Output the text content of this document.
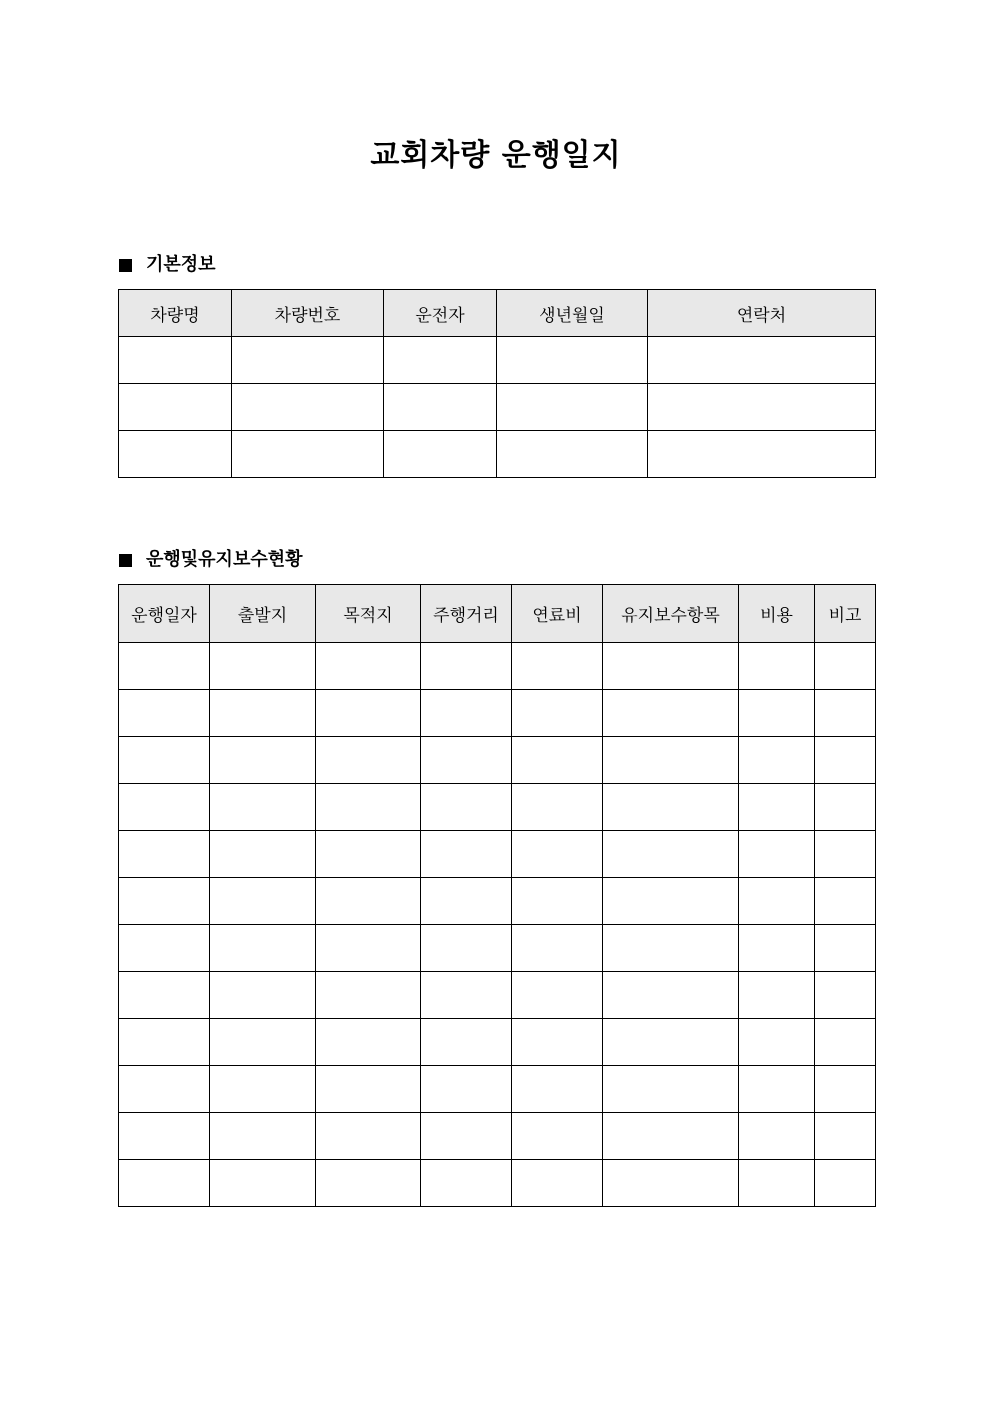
교회차량 운행일지
기본정보
차량명	차량번호	운전자	생년월일	연락처

운행및유지보수현황
운행일자	출발지	목적지	주행거리	연료비	유지보수항목	비용	비고
